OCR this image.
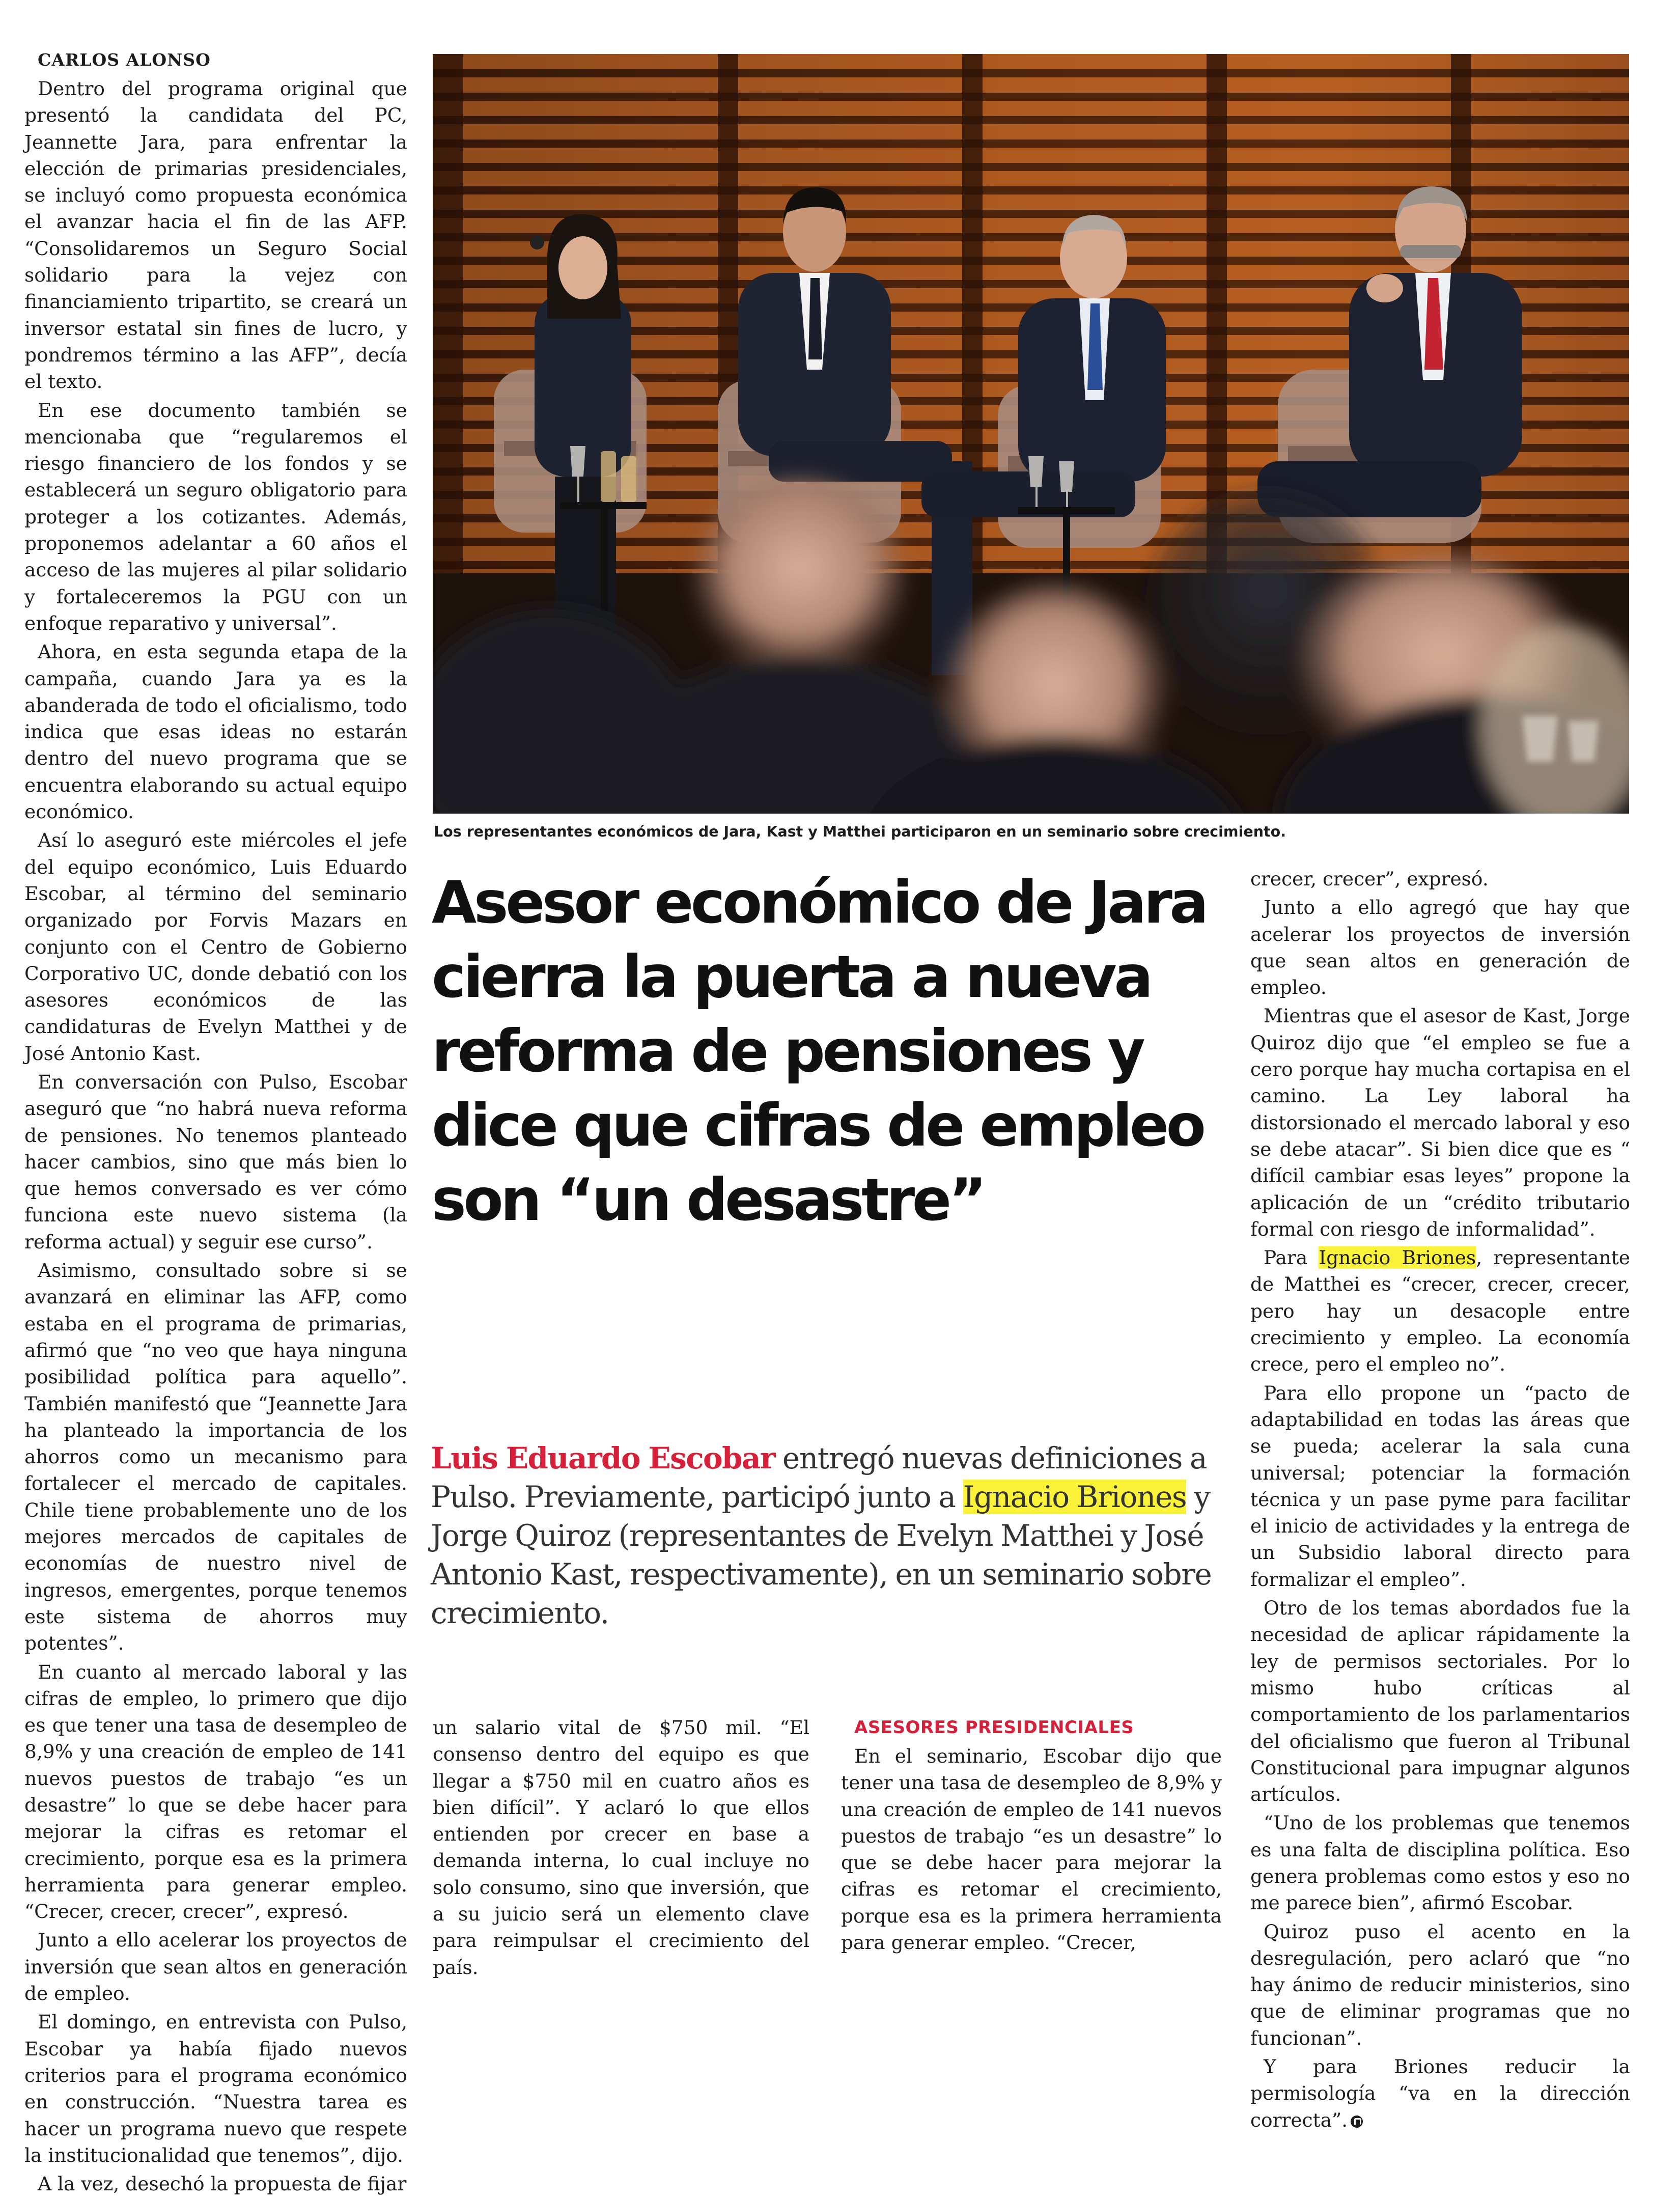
CARLOS ALONSO

Dentro del programa original que presentó la candidata del PC, Jeannette Jara, para enfrentar la elección de primarias presidenciales, se incluyó como propuesta económica el avanzar hacia el fin de las AFP. “Consolidaremos un Seguro Social solidario para la vejez con financiamiento tripartito, se creará un inversor estatal sin fines de lucro, y pondremos término a las AFP”, decía el texto.

En ese documento también se mencionaba que “regularemos el riesgo financiero de los fondos y se establecerá un seguro obligatorio para proteger a los cotizantes. Además, proponemos adelantar a 60 años el acceso de las mujeres al pilar solidario y fortaleceremos la PGU con un enfoque reparativo y universal”.

Ahora, en esta segunda etapa de la campaña, cuando Jara ya es la abanderada de todo el oficialismo, todo indica que esas ideas no estarán dentro del nuevo programa que se encuentra elaborando su actual equipo económico.

Así lo aseguró este miércoles el jefe del equipo económico, Luis Eduardo Escobar, al término del seminario organizado por Forvis Mazars en conjunto con el Centro de Gobierno Corporativo UC, donde debatió con los asesores económicos de las candidaturas de Evelyn Matthei y de José Antonio Kast.

En conversación con Pulso, Escobar aseguró que “no habrá nueva reforma de pensiones. No tenemos planteado hacer cambios, sino que más bien lo que hemos conversado es ver cómo funciona este nuevo sistema (la reforma actual) y seguir ese curso”.

Asimismo, consultado sobre si se avanzará en eliminar las AFP, como estaba en el programa de primarias, afirmó que “no veo que haya ninguna posibilidad política para aquello”. También manifestó que “Jeannette Jara ha planteado la importancia de los ahorros como un mecanismo para fortalecer el mercado de capitales. Chile tiene probablemente uno de los mejores mercados de capitales de economías de nuestro nivel de ingresos, emergentes, porque tenemos este sistema de ahorros muy potentes”.

En cuanto al mercado laboral y las cifras de empleo, lo primero que dijo es que tener una tasa de desempleo de 8,9% y una creación de empleo de 141 nuevos puestos de trabajo “es un desastre” lo que se debe hacer para mejorar la cifras es retomar el crecimiento, porque esa es la primera herramienta para generar empleo. “Crecer, crecer, crecer”, expresó.

Junto a ello acelerar los proyectos de inversión que sean altos en generación de empleo.

El domingo, en entrevista con Pulso, Escobar ya había fijado nuevos criterios para el programa económico en construcción. “Nuestra tarea es hacer un programa nuevo que respete la institucionalidad que tenemos”, dijo.

A la vez, desechó la propuesta de fijar

Los representantes económicos de Jara, Kast y Matthei participaron en un seminario sobre crecimiento.
Asesor económico de Jara cierra la puerta a nueva reforma de pensiones y dice que cifras de empleo son “un desastre”
Luis Eduardo Escobar entregó nuevas definiciones a Pulso. Previamente, participó junto a Ignacio Briones y Jorge Quiroz (representantes de Evelyn Matthei y José Antonio Kast, respectivamente), en un seminario sobre crecimiento.

un salario vital de $750 mil. “El consenso dentro del equipo es que llegar a $750 mil en cuatro años es bien difícil”. Y aclaró lo que ellos entienden por crecer en base a demanda interna, lo cual incluye no solo consumo, sino que inversión, que a su juicio será un elemento clave para reimpulsar el crecimiento del país.

ASESORES PRESIDENCIALES

En el seminario, Escobar dijo que tener una tasa de desempleo de 8,9% y una creación de empleo de 141 nuevos puestos de trabajo “es un desastre” lo que se debe hacer para mejorar la cifras es retomar el crecimiento, porque esa es la primera herramienta para generar empleo. “Crecer,

crecer, crecer”, expresó.

Junto a ello agregó que hay que acelerar los proyectos de inversión que sean altos en generación de empleo.

Mientras que el asesor de Kast, Jorge Quiroz dijo que “el empleo se fue a cero porque hay mucha cortapisa en el camino. La Ley laboral ha distorsionado el mercado laboral y eso se debe atacar”. Si bien dice que es “ difícil cambiar esas leyes” propone la aplicación de un “crédito tributario formal con riesgo de informalidad”.

Para Ignacio Briones, representante de Matthei es “crecer, crecer, crecer, pero hay un desacople entre crecimiento y empleo. La economía crece, pero el empleo no”.

Para ello propone un “pacto de adaptabilidad en todas las áreas que se pueda; acelerar la sala cuna universal; potenciar la formación técnica y un pase pyme para facilitar el inicio de actividades y la entrega de un Subsidio laboral directo para formalizar el empleo”.

Otro de los temas abordados fue la necesidad de aplicar rápidamente la ley de permisos sectoriales. Por lo mismo hubo críticas al comportamiento de los parlamentarios del oficialismo que fueron al Tribunal Constitucional para impugnar algunos artículos.

“Uno de los problemas que tenemos es una falta de disciplina política. Eso genera problemas como estos y eso no me parece bien”, afirmó Escobar.

Quiroz puso el acento en la desregulación, pero aclaró que “no hay ánimo de reducir ministerios, sino que de eliminar programas que no funcionan”.

Y para Briones reducir la permisología “va en la dirección correcta”.
